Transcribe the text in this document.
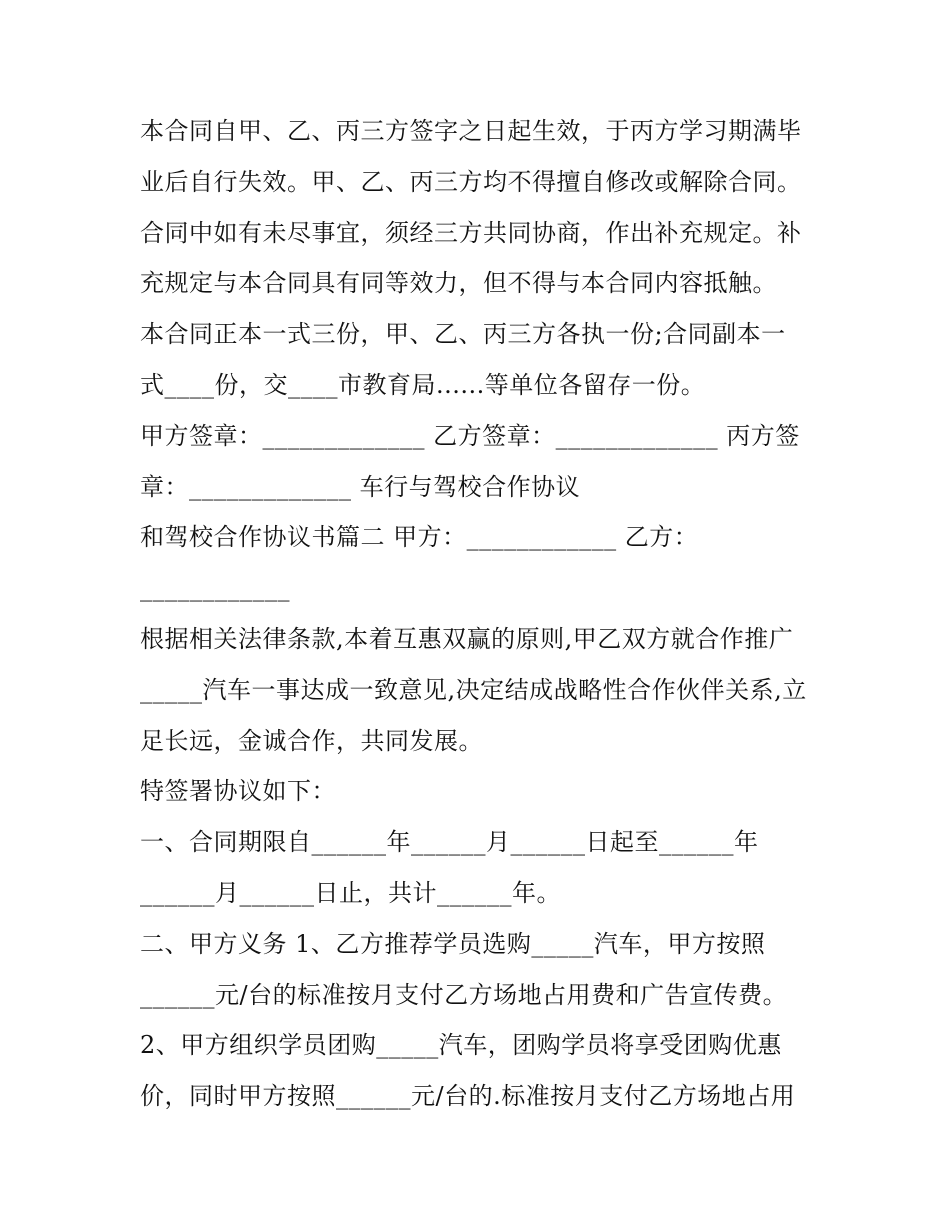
本合同自甲、乙、丙三方签字之日起生效，于丙方学习期满毕
业后自行失效。甲、乙、丙三方均不得擅自修改或解除合同。
合同中如有未尽事宜，须经三方共同协商，作出补充规定。补
充规定与本合同具有同等效力，但不得与本合同内容抵触。
本合同正本一式三份，甲、乙、丙三方各执一份;合同副本一
式____份，交____市教育局......等单位各留存一份。
甲方签章：_____________ 乙方签章：_____________ 丙方签
章：_____________ 车行与驾校合作协议
和驾校合作协议书篇二 甲方：____________ 乙方：
____________
根据相关法律条款,本着互惠双赢的原则,甲乙双方就合作推广
_____汽车一事达成一致意见,决定结成战略性合作伙伴关系,立
足长远，金诚合作，共同发展。
特签署协议如下：
一、合同期限自______年______月______日起至______年
______月______日止，共计______年。
二、甲方义务 1、乙方推荐学员选购_____汽车，甲方按照
______元/台的标准按月支付乙方场地占用费和广告宣传费。
2、甲方组织学员团购_____汽车，团购学员将享受团购优惠
价，同时甲方按照______元/台的.标准按月支付乙方场地占用
